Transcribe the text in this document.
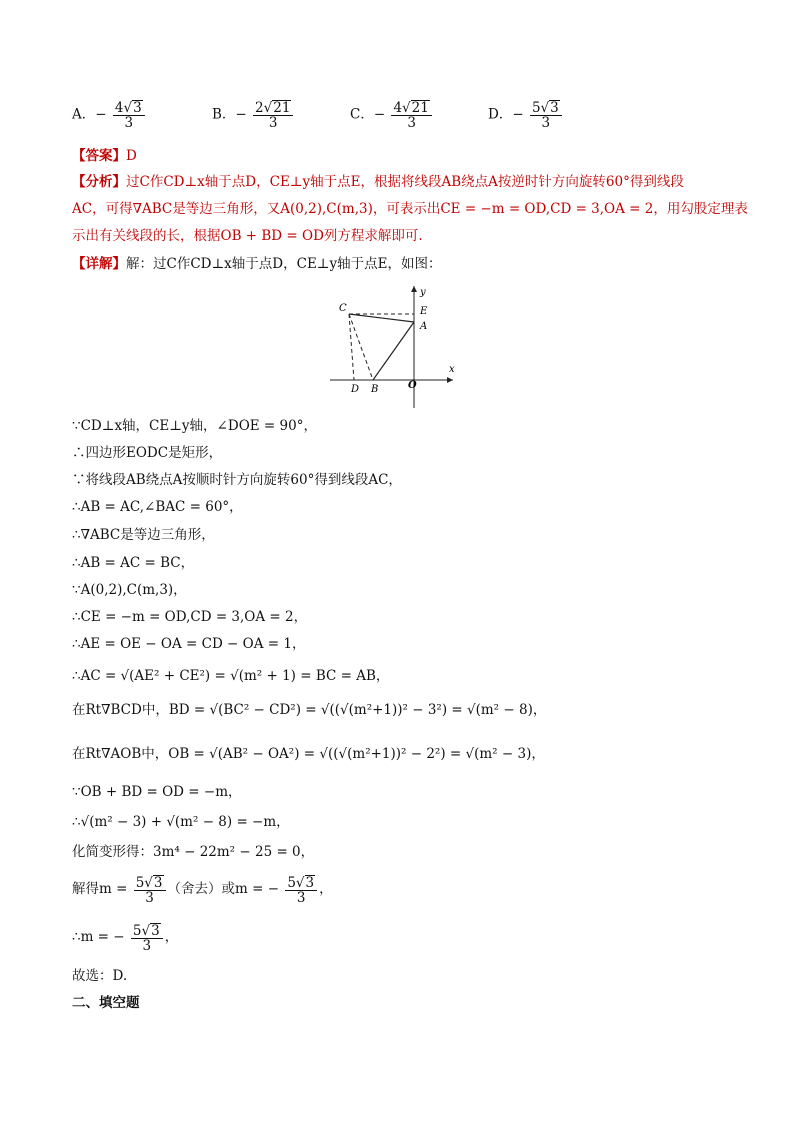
A．− $\frac{4√3}{3}$	B．− $\frac{2√21}{3}$	C．− $\frac{4√21}{3}$	D．− $\frac{5√3}{3}$
【答案】D
【分析】过C作CD⊥x轴于点D，CE⊥y轴于点E，根据将线段AB绕点A按逆时针方向旋转60°得到线段
AC，可得∇ABC是等边三角形，又A(0,2),C(m,3)，可表示出CE = −m = OD,CD = 3,OA = 2，用勾股定理表
示出有关线段的长，根据OB + BD = OD列方程求解即可.
【详解】解：过C作CD⊥x轴于点D，CE⊥y轴于点E，如图：
C	E
A
y
x
D B	O
∵CD⊥x轴，CE⊥y轴，∠DOE = 90°，
∴四边形EODC是矩形，
∵将线段AB绕点A按顺时针方向旋转60°得到线段AC，
∴AB = AC,∠BAC = 60°，
∴∇ABC是等边三角形，
∴AB = AC = BC，
∵A(0,2),C(m,3)，
∴CE = −m = OD,CD = 3,OA = 2，
∴AE = OE − OA = CD − OA = 1，
∴AC = √(AE² + CE²) = √(m² + 1) = BC = AB，
在Rt∇BCD中，BD = √(BC² − CD²) = √((√(m²+1))² − 3²) = √(m² − 8)，
在Rt∇AOB中，OB = √(AB² − OA²) = √((√(m²+1))² − 2²) = √(m² − 3)，
∵OB + BD = OD = −m，
∴√(m² − 3) + √(m² − 8) = −m，
化简变形得：3m⁴ − 22m² − 25 = 0，
解得$m = \frac{5√3}{3}$ （舍去）或m = − $\frac{5√3}{3}$ ，
∴m = − $\frac{5√3}{3}$ ，
故选：D.
二、填空题
